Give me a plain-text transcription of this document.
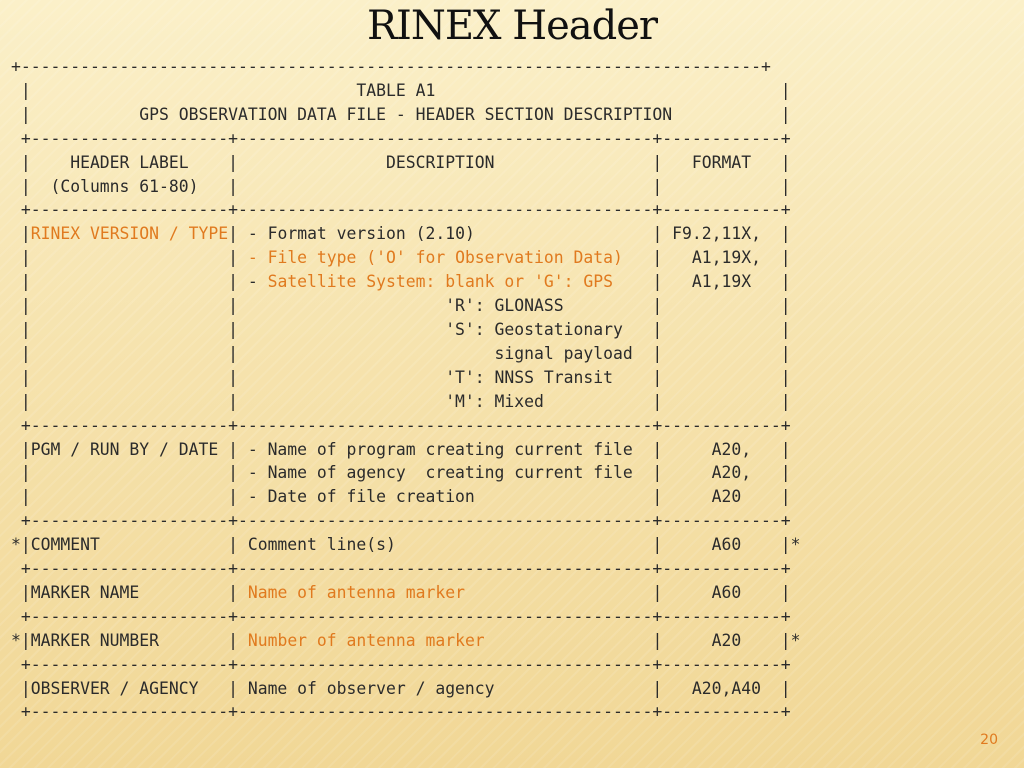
RINEX Header
+---------------------------------------------------------------------------+
|                                 TABLE A1                                   |
|           GPS OBSERVATION DATA FILE - HEADER SECTION DESCRIPTION           |
+--------------------+------------------------------------------+------------+
|    HEADER LABEL    |               DESCRIPTION                |   FORMAT   |
|  (Columns 61-80)   |                                          |            |
+--------------------+------------------------------------------+------------+
|RINEX VERSION / TYPE| - Format version (2.10)                  | F9.2,11X,  |
|                    | - File type ('O' for Observation Data)   |   A1,19X,  |
|                    | - Satellite System: blank or 'G': GPS    |   A1,19X   |
|                    |                     'R': GLONASS         |            |
|                    |                     'S': Geostationary   |            |
|                    |                          signal payload  |            |
|                    |                     'T': NNSS Transit    |            |
|                    |                     'M': Mixed           |            |
+--------------------+------------------------------------------+------------+
|PGM / RUN BY / DATE | - Name of program creating current file  |     A20,   |
|                    | - Name of agency  creating current file  |     A20,   |
|                    | - Date of file creation                  |     A20    |
+--------------------+------------------------------------------+------------+
*|COMMENT             | Comment line(s)                          |     A60    |*
+--------------------+------------------------------------------+------------+
|MARKER NAME         | Name of antenna marker                   |     A60    |
+--------------------+------------------------------------------+------------+
*|MARKER NUMBER       | Number of antenna marker                 |     A20    |*
+--------------------+------------------------------------------+------------+
|OBSERVER / AGENCY   | Name of observer / agency                |   A20,A40  |
+--------------------+------------------------------------------+------------+
20
